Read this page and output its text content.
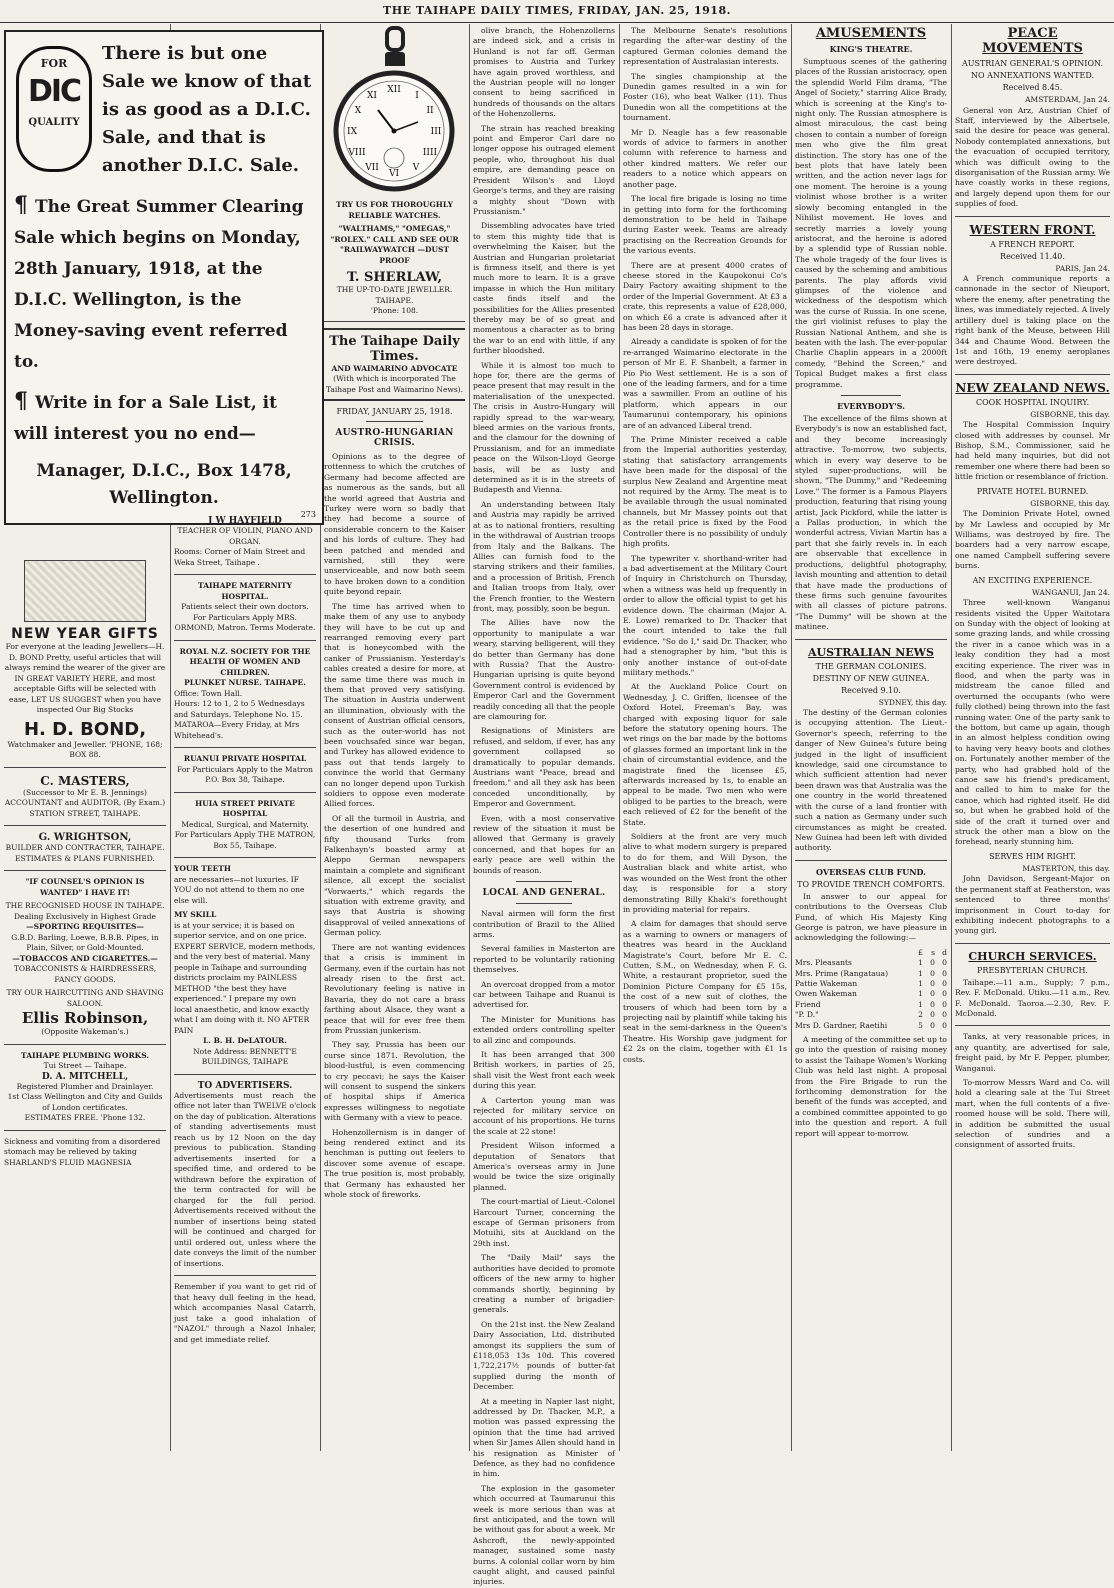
THE TAIHAPE DAILY TIMES, FRIDAY, JAN. 25, 1918.
FOR
DIC
QUALITY
There is but one Sale we know of that is as good as a D.I.C. Sale, and that is another D.I.C. Sale.
¶ The Great Summer Clearing Sale which begins on Monday, 28th January, 1918, at the D.I.C. Wellington, is the Money-saving event referred to.
¶ Write in for a Sale List, it will interest you no end—
Manager, D.I.C., Box 1478, Wellington.
273
NEW YEAR GIFTS
For everyone at the leading Jewellers—H. D. BOND Pretty, useful articles that will always remind the wearer of the giver are IN GREAT VARIETY HERE, and most acceptable Gifts will be selected with ease, LET US SUGGEST when you have inspected Our Big Stocks
H. D. BOND,
Watchmaker and Jeweller. 'PHONE, 168; BOX 88.
C. MASTERS,
(Successor to Mr E. B. Jennings)
ACCOUNTANT and AUDITOR, (By Exam.)
STATION STREET, TAIHAPE.
G. WRIGHTSON,
BUILDER AND CONTRACTER, TAIHAPE.
ESTIMATES & PLANS FURNISHED.
"IF COUNSEL'S OPINION IS WANTED" I HAVE IT!
THE RECOGNISED HOUSE IN TAIHAPE.
Dealing Exclusively in Highest Grade
—SPORTING REQUISITES—
G.B.D. Barling, Loewe, B.B.B. Pipes, in Plain, Silver, or Gold-Mounted.
—TOBACCOS AND CIGARETTES.—
TOBACCONISTS & HAIRDRESSERS, FANCY GOODS.
TRY OUR HAIRCUTTING AND SHAVING SALOON.
Ellis Robinson,
(Opposite Wakeman's.)
TAIHAPE PLUMBING WORKS.
Tui Street — Taihape.
D. A. MITCHELL,
Registered Plumber and Drainlayer.
1st Class Wellington and City and Guilds of London certificates.
ESTIMATES FREE. 'Phone 132.
Sickness and vomiting from a disordered stomach may be relieved by taking SHARLAND'S FLUID MAGNESIA
J W HAYFIELD
TEACHER OF VIOLIN, PIANO AND ORGAN.
Rooms: Corner of Main Street and Weka Street, Taihape .
TAIHAPE MATERNITY HOSPITAL.
Patients select their own doctors.
For Particulars Apply MRS. ORMOND, Matron. Terms Moderate.
ROYAL N.Z. SOCIETY FOR THE HEALTH OF WOMEN AND CHILDREN.
PLUNKET NURSE. TAIHAPE.
Office: Town Hall.
Hours: 12 to 1, 2 to 5 Wednesdays and Saturdays. Telephone No. 15.
MATAROA—Every Friday, at Mrs Whitehead's.
RUANUI PRIVATE HOSPITAL
For Particulars Apply to the Matron P.O. Box 38, Taihape.
HUIA STREET PRIVATE HOSPITAL
Medical, Surgical, and Maternity.
For Particulars Apply THE MATRON, Box 55, Taihape.
YOUR TEETH
are necessaries—not luxuries. IF YOU do not attend to them no one else will.
MY SKILL
is at your service; it is based on superior service, and on one price. EXPERT SERVICE, modern methods, and the very best of material. Many people in Taihape and surrounding districts proclaim my PAINLESS METHOD "the best they have experienced." I prepare my own local anaesthetic, and know exactly what I am doing with it. NO AFTER PAIN
L. B. H. DeLATOUR.
Note Address: BENNETT'E BUILDINGS, TAIHAPE
TO ADVERTISERS.
Advertisements must reach the office not later than TWELVE o'clock on the day of publication. Alterations of standing advertisements must reach us by 12 Noon on the day previous to publication. Standing advertisements inserted for a specified time, and ordered to be withdrawn before the expiration of the term contracted for will be charged for the full period. Advertisements received without the number of insertions being stated will be continued and charged for until ordered out, unless where the date conveys the limit of the number of insertions.
Remember if you want to get rid of that heavy dull feeling in the head, which accompanies Nasal Catarrh, just take a good inhalation of "NAZOL" through a Nazol Inhaler, and get immediate relief.
XII
I
II
III
IIII
V
VI
VII
VIII
IX
X
XI
TRY US FOR THOROUGHLY RELIABLE WATCHES.
"WALTHAMS," "OMEGAS," "ROLEX." CALL AND SEE OUR "RAILWAYWATCH —DUST PROOF
T. SHERLAW,
THE UP-TO-DATE JEWELLER. TAIHAPE.
'Phone: 108.
The Taihape Daily Times.
AND WAIMARINO ADVOCATE
(With which is incorporated The Taihape Post and Waimarino News).
FRIDAY, JANUARY 25, 1918.
AUSTRO-HUNGARIAN CRISIS.

Opinions as to the degree of rottenness to which the crutches of Germany had become affected are as numerous as the sands, but all the world agreed that Austria and Turkey were worn so badly that they had become a source of considerable concern to the Kaiser and his lords of culture. They had been patched and mended and varnished, still they were unserviceable, and now both seem to have broken down to a condition quite beyond repair.

The time has arrived when to make them of any use to anybody they will have to be cut up and rearranged removing every part that is honeycombed with the canker of Prussianism. Yesterday's cables created a desire for more, at the same time there was much in them that proved very satisfying. The situation in Austria underwent an illumination, obviously with the consent of Austrian official censors, such as the outer-world has not been vouchsafed since war began, and Turkey has allowed evidence to pass out that tends largely to convince the world that Germany can no longer depend upon Turkish soldiers to oppose even moderate Allied forces.

Of all the turmoil in Austria, and the desertion of one hundred and fifty thousand Turks from Falkenhayn's boasted army at Aleppo German newspapers maintain a complete and significant silence, all except the socialist "Vorwaerts," which regards the situation with extreme gravity, and says that Austria is showing disapproval of veiled annexations of German policy.

There are not wanting evidences that a crisis is imminent in Germany, even if the curtain has not already risen to the first act. Revolutionary feeling is native in Bavaria, they do not care a brass farthing about Alsace, they want a peace that will for ever free them from Prussian junkerism.

They say, Prussia has been our curse since 1871. Revolution, the blood-lustful, is even commencing to cry peccavi; he says the Kaiser will consent to suspend the sinkers of hospital ships if America expresses willingness to negotiate with Germany with a view to peace.

Hohenzollernism is in danger of being rendered extinct and its henchman is putting out feelers to discover some avenue of escape. The true position is, most probably, that Germany has exhausted her whole stock of fireworks.

olive branch, the Hohenzollerns are indeed sick, and a crisis in Hunland is not far off. German promises to Austria and Turkey have again proved worthless, and the Austrian people will no longer consent to being sacrificed in hundreds of thousands on the altars of the Hohenzollerns.

The strain has reached breaking point and Emperor Carl dare no longer oppose his outraged element people, who, throughout his dual empire, are demanding peace on President Wilson's and Lloyd George's terms, and they are raising a mighty shout "Down with Prussianism."

Dissembling advocates have tried to stem this mighty tide that is overwhelming the Kaiser, but the Austrian and Hungarian proletariat is firmness itself, and there is yet much more to learn. It is a grave impasse in which the Hun military caste finds itself and the possibilities for the Allies presented thereby may be of so great and momentous a character as to bring the war to an end with little, if any further bloodshed.

While it is almost too much to hope for, there are the germs of peace present that may result in the materialisation of the unexpected. The crisis in Austro-Hungary will rapidly spread to the war-weary, bleed armies on the various fronts, and the clamour for the downing of Prussianism, and for an immediate peace on the Wilson-Lloyd George basis, will be as lusty and determined as it is in the streets of Budapesth and Vienna.

An understanding between Italy and Austria may rapidly be arrived at as to national frontiers, resulting in the withdrawal of Austrian troops from Italy and the Balkans. The Allies can furnish food to the starving strikers and their families, and a procession of British, French and Italian troops from Italy, over the French frontier, to the Western front, may, possibly, soon be begun.

The Allies have now the opportunity to manipulate a war weary, starving belligerent, will they do better than Germany has done with Russia? That the Austro-Hungarian uprising is quite beyond Government control is evidenced by Emperor Carl and the Government readily conceding all that the people are clamouring for.

Resignations of Ministers are refused, and seldom, if ever, has any government collapsed so dramatically to popular demands. Austrians want "Peace, bread and freedom," and all they ask has been conceded unconditionally, by Emperor and Government.

Even, with a most conservative review of the situation it must be allowed that Germany is gravely concerned, and that hopes for an early peace are well within the bounds of reason.

LOCAL AND GENERAL.

Naval airmen will form the first contribution of Brazil to the Allied arms.

Several families in Masterton are reported to be voluntarily rationing themselves.

An overcoat dropped from a motor car between Taihape and Ruanui is advertised for.

The Minister for Munitions has extended orders controlling spelter to all zinc and compounds.

It has been arranged that 300 British workers, in parties of 25, shall visit the West front each week during this year.

A Carterton young man was rejected for military service on account of his proportions. He turns the scale at 22 stone!

President Wilson informed a deputation of Senators that America's overseas army in June would be twice the size originally planned.

The court-martial of Lieut.-Colonel Harcourt Turner, concerning the escape of German prisoners from Motuihi, sits at Auckland on the 29th inst.

The "Daily Mail" says the authorities have decided to promote officers of the new army to higher commands shortly, beginning by creating a number of brigadier-generals.

On the 21st inst. the New Zealand Dairy Association, Ltd. distributed amongst its suppliers the sum of £118,053 13s 10d. This covered 1,722,217½ pounds of butter-fat supplied during the month of December.

At a meeting in Napier last night, addressed by Dr. Thacker, M.P., a motion was passed expressing the opinion that the time had arrived when Sir James Allen should hand in his resignation as Minister of Defence, as they had no confidence in him.

The explosion in the gasometer which occurred at Taumarunui this week is more serious than was at first anticipated, and the town will be without gas for about a week. Mr Ashcroft, the newly-appointed manager, sustained some nasty burns. A colonial collar worn by him caught alight, and caused painful injuries.

The Melbourne Senate's resolutions regarding the after-war destiny of the captured German colonies demand the representation of Australasian interests.

The singles championship at the Dunedin games resulted in a win for Foster (16), who beat Walker (11). Thus Dunedin won all the competitions at the tournament.

Mr D. Neagle has a few reasonable words of advice to farmers in another column with reference to harness and other kindred matters. We refer our readers to a notice which appears on another page.

The local fire brigade is losing no time in getting into form for the forthcoming demonstration to be held in Taihape during Easter week. Teams are already practising on the Recreation Grounds for the various events.

There are at present 4000 crates of cheese stored in the Kaupokonui Co's Dairy Factory awaiting shipment to the order of the Imperial Government. At £3 a crate, this represents a value of £28,000, on which £6 a crate is advanced after it has been 28 days in storage.

Already a candidate is spoken of for the re-arranged Waimarino electorate in the person of Mr E. F. Shanbelt, a farmer in Pio Pio West settlement. He is a son of one of the leading farmers, and for a time was a sawmiller. From an outline of his platform, which appears in our Taumarunui contemporary, his opinions are of an advanced Liberal trend.

The Prime Minister received a cable from the Imperial authorities yesterday, stating that satisfactory arrangements have been made for the disposal of the surplus New Zealand and Argentine meat not required by the Army. The meat is to be available through the usual nominated channels, but Mr Massey points out that as the retail price is fixed by the Food Controller there is no possibility of unduly high profits.

The typewriter v. shorthand-writer had a bad advertisement at the Military Court of Inquiry in Christchurch on Thursday, when a witness was held up frequently in order to allow the official typist to get his evidence down. The chairman (Major A. E. Lowe) remarked to Dr. Thacker that the court intended to take the full evidence. "So do I," said Dr. Thacker, who had a stenographer by him, "but this is only another instance of out-of-date military methods."

At the Auckland Police Court on Wednesday, J. C. Griffen, licensee of the Oxford Hotel, Freeman's Bay, was charged with exposing liquor for sale before the statutory opening hours. The wet rings on the bar made by the bottoms of glasses formed an important link in the chain of circumstantial evidence, and the magistrate fined the licensee £5, afterwards increased by 1s, to enable an appeal to be made. Two men who were obliged to be parties to the breach, were each relieved of £2 for the benefit of the State.

Soldiers at the front are very much alive to what modern surgery is prepared to do for them, and Will Dyson, the Australian black and white artist, who was wounded on the West front the other day, is responsible for a story demonstrating Billy Khaki's forethought in providing material for repairs.

A claim for damages that should serve as a warning to owners or managers of theatres was heard in the Auckland Magistrate's Court, before Mr E. C. Cutten, S.M., on Wednesday, when F. G. White, a restaurant proprietor, sued the Dominion Picture Company for £5 15s, the cost of a new suit of clothes, the trousers of which had been torn by a projecting nail by plaintiff while taking his seat in the semi-darkness in the Queen's Theatre. His Worship gave judgment for £2 2s on the claim, together with £1 1s costs.

AMUSEMENTS
KING'S THEATRE.

Sumptuous scenes of the gathering places of the Russian aristocracy, open the splendid World Film drama, "The Angel of Society," starring Alice Brady, which is screening at the King's to-night only. The Russian atmosphere is almost miraculous, the cast being chosen to contain a number of foreign men who give the film great distinction. The story has one of the best plots that have lately been written, and the action never lags for one moment. The heroine is a young violinist whose brother is a writer slowly becoming entangled in the Nihilist movement. He loves and secretly marries a lovely young aristocrat, and the heroine is adored by a splendid type of Russian noble. The whole tragedy of the four lives is caused by the scheming and ambitious parents. The play affords vivid glimpses of the violence and wickedness of the despotism which was the curse of Russia. In one scene, the girl violinist refuses to play the Russian National Anthem, and she is beaten with the lash. The ever-popular Charlie Chaplin appears in a 2000ft comedy, "Behind the Screen," and Topical Budget makes a first class programme.

EVERYBODY'S.

The excellence of the films shown at Everybody's is now an established fact, and they become increasingly attractive. To-morrow, two subjects, which in every way deserve to be styled super-productions, will be shown, "The Dummy," and "Redeeming Love." The former is a Famous Players production, featuring that rising young artist, Jack Pickford, while the latter is a Pallas production, in which the wonderful actress, Vivian Martin has a part that she fairly revels in. In each are observable that excellence in productions, delightful photography, lavish mounting and attention to detail that have made the productions of these firms such genuine favourites with all classes of picture patrons. "The Dummy" will be shown at the matinee.

AUSTRALIAN NEWS
THE GERMAN COLONIES.
DESTINY OF NEW GUINEA.
Received 9.10.
SYDNEY, this day.

The destiny of the German colonies is occupying attention. The Lieut.-Governor's speech, referring to the danger of New Guinea's future being judged in the light of insufficient knowledge, said one circumstance to which sufficient attention had never been drawn was that Australia was the one country in the world threatened with the curse of a land frontier with such a nation as Germany under such circumstances as might be created. New Guinea had been left with divided authority.

OVERSEAS CLUB FUND.
TO PROVIDE TRENCH COMFORTS.

In answer to our appeal for contributions to the Overseas Club Fund, of which His Majesty King George is patron, we have pleasure in acknowledging the following:—

£	s d
Mrs. Pleasants	1 0 0
Mrs. Prime (Rangataua)	1 0 0
Pattie Wakeman	1 0 0
Owen Wakeman	1 0 0
Friend	1 0 0
"P. D."	2 0 0
Mrs D. Gardner, Raetihi	5 0 0

A meeting of the committee set up to go into the question of raising money to assist the Taihape Women's Working Club was held last night. A proposal from the Fire Brigade to run the forthcoming demonstration for the benefit of the funds was accepted, and a combined committee appointed to go into the question and report. A full report will appear to-morrow.

PEACE MOVEMENTS
AUSTRIAN GENERAL'S OPINION.
NO ANNEXATIONS WANTED.
Received 8.45.
AMSTERDAM, Jan 24.

General von Arz, Austrian Chief of Staff, interviewed by the Albertsele, said the desire for peace was general. Nobody contemplated annexations, but the evacuation of occupied territory, which was difficult owing to the disorganisation of the Russian army. We have coastly works in these regions, and largely depend upon them for our supplies of food.

WESTERN FRONT.
A FRENCH REPORT.
Received 11.40.
PARIS, Jan 24.

A French communique reports a cannonade in the sector of Nieuport, where the enemy, after penetrating the lines, was immediately rejected. A lively artillery duel is taking place on the right bank of the Meuse, between Hill 344 and Chaume Wood. Between the 1st and 16th, 19 enemy aeroplanes were destroyed.

NEW ZEALAND NEWS.
COOK HOSPITAL INQUIRY.
GISBORNE, this day.

The Hospital Commission Inquiry closed with addresses by counsel. Mr Bishop, S.M., Commissioner, said he had held many inquiries, but did not remember one where there had been so little friction or resemblance of friction.

PRIVATE HOTEL BURNED.
GISBORNE, this day.

The Dominion Private Hotel, owned by Mr Lawless and occupied by Mr Williams, was destroyed by fire. The boarders had a very narrow escape, one named Campbell suffering severe burns.

AN EXCITING EXPERIENCE.
WANGANUI, Jan 24.

Three well-known Wanganui residents visited the Upper Waitotara on Sunday with the object of looking at some grazing lands, and while crossing the river in a canoe which was in a leaky condition they had a most exciting experience. The river was in flood, and when the party was in midstream the canoe filled and overturned the occupants (who were fully clothed) being thrown into the fast running water. One of the party sank to the bottom, but came up again, though in an almost helpless condition owing to having very heavy boots and clothes on. Fortunately another member of the party, who had grabbed hold of the canoe saw his friend's predicament, and called to him to make for the canoe, which had righted itself. He did so, but when he grabbed hold of the side of the craft it turned over and struck the other man a blow on the forehead, nearly stunning him.

SERVES HIM RIGHT.
MASTERTON, this day.

John Davidson, Sergeant-Major on the permanent staff at Featherston, was sentenced to three months' imprisonment in Court to-day for exhibiting indecent photographs to a young girl.

CHURCH SERVICES.
PRESBYTERIAN CHURCH.

Taihape.—11 a.m., Supply; 7 p.m., Rev. F. McDonald. Utiku.—11 a.m., Rev. F. McDonald. Taoroa.—2.30, Rev. F. McDonald.

Tanks, at very reasonable prices, in any quantity, are advertised for sale, freight paid, by Mr F. Pepper, plumber, Wanganui.

To-morrow Messrs Ward and Co. will hold a clearing sale at the Tui Street mart, when the full contents of a five-roomed house will be sold. There will, in addition be submitted the usual selection of sundries and a consignment of assorted fruits.
